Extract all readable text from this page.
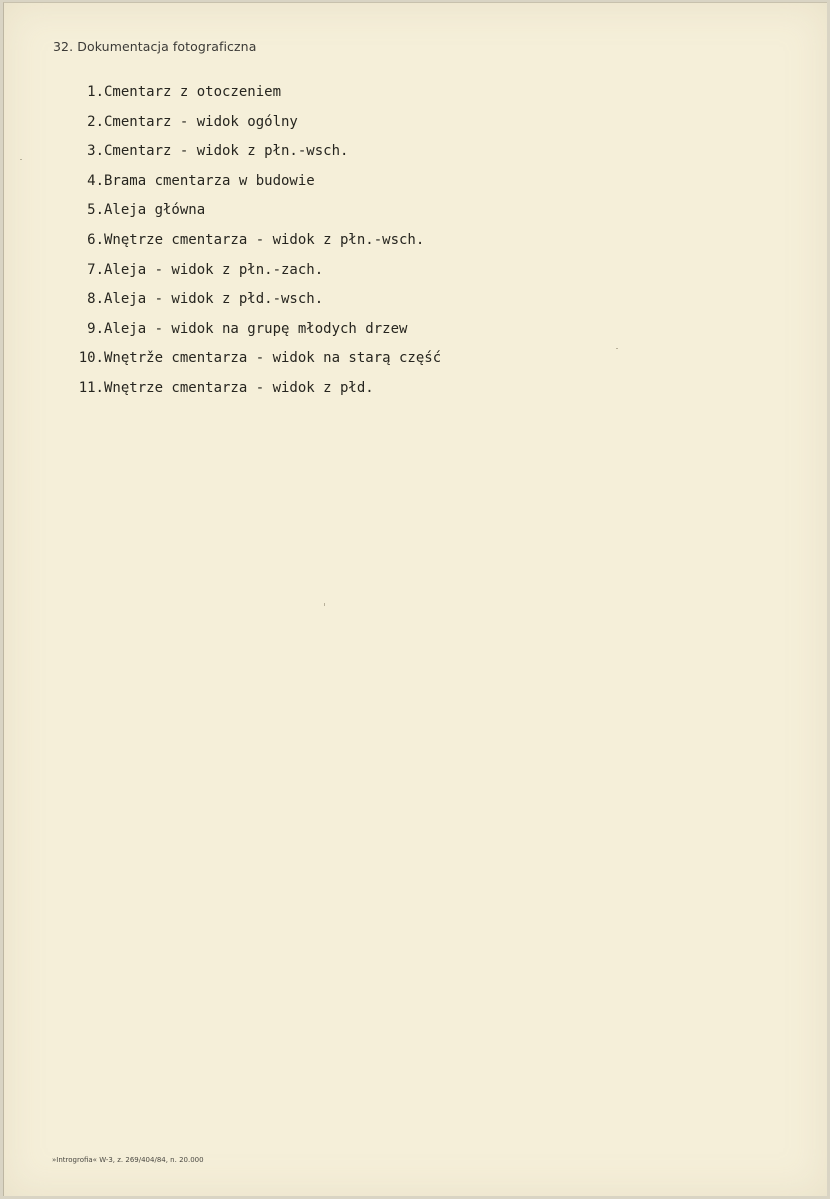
32. Dokumentacja fotograficzna
1. Cmentarz z otoczeniem
2. Cmentarz - widok ogólny
3. Cmentarz - widok z płn.-wsch.
4. Brama cmentarza w budowie
5. Aleja główna
6. Wnętrze cmentarza - widok z płn.-wsch.
7. Aleja - widok z płn.-zach.
8. Aleja - widok z płd.-wsch.
9. Aleja - widok na grupę młodych drzew
10. Wnętrže cmentarza - widok na starą część
11. Wnętrze cmentarza - widok z płd.
»Introgrofia« W-3, z. 269/404/84, n. 20.000
